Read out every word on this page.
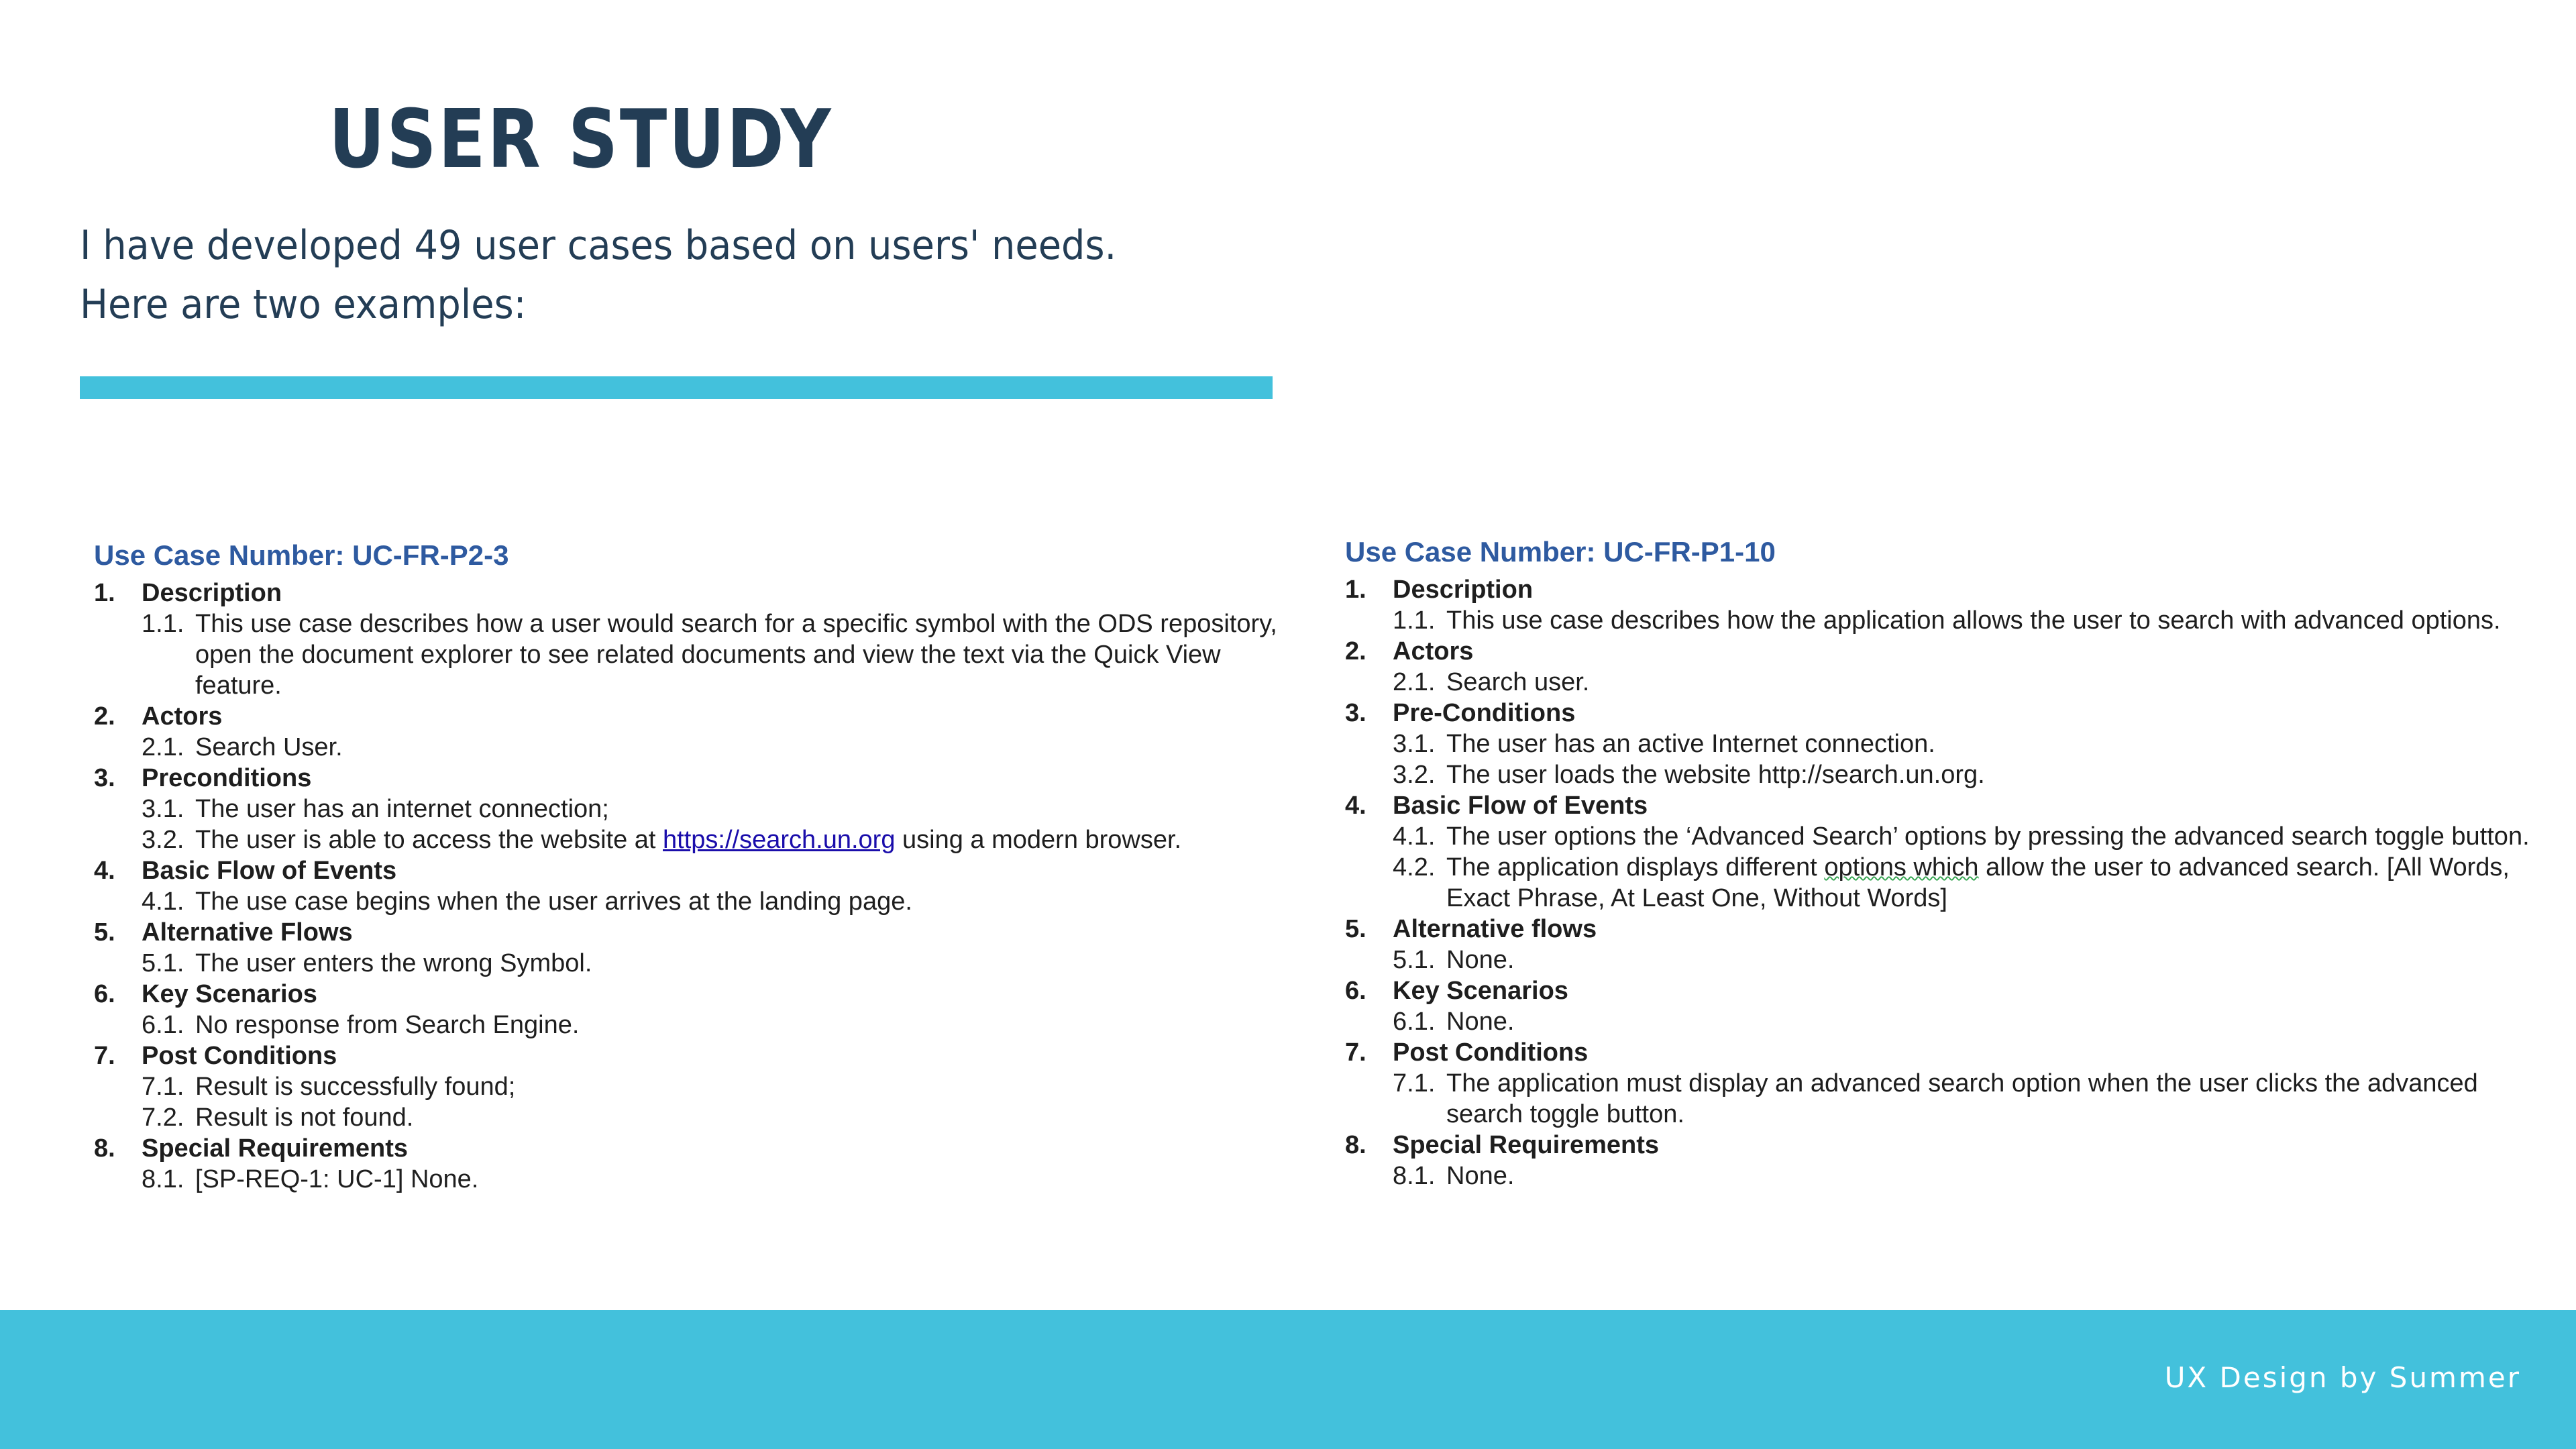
USER STUDY
I have developed 49 user cases based on users' needs.
Here are two examples:
Use Case Number: UC-FR-P2-3
1.	Description
1.1. This use case describes how a user would search for a specific symbol with the ODS repository, open the document explorer to see related documents and view the text via the Quick View feature.
2.	Actors
2.1. Search User.
3.	Preconditions
3.1. The user has an internet connection;
3.2. The user is able to access the website at https://search.un.org using a modern browser.
4.	Basic Flow of Events
4.1. The use case begins when the user arrives at the landing page.
5.	Alternative Flows
5.1. The user enters the wrong Symbol.
6.	Key Scenarios
6.1. No response from Search Engine.
7.	Post Conditions
7.1. Result is successfully found;
7.2. Result is not found.
8.	Special Requirements
8.1. [SP-REQ-1: UC-1] None.
Use Case Number: UC-FR-P1-10
1.	Description
1.1. This use case describes how the application allows the user to search with advanced options.
2.	Actors
2.1. Search user.
3.	Pre-Conditions
3.1. The user has an active Internet connection.
3.2. The user loads the website http://search.un.org.
4.	Basic Flow of Events
4.1. The user options the ‘Advanced Search’ options by pressing the advanced search toggle button.
4.2. The application displays different options which allow the user to advanced search. [All Words, Exact Phrase, At Least One, Without Words]
5.	Alternative flows
5.1. None.
6.	Key Scenarios
6.1. None.
7.	Post Conditions
7.1. The application must display an advanced search option when the user clicks the advanced search toggle button.
8.	Special Requirements
8.1. None.
UX Design by Summer
